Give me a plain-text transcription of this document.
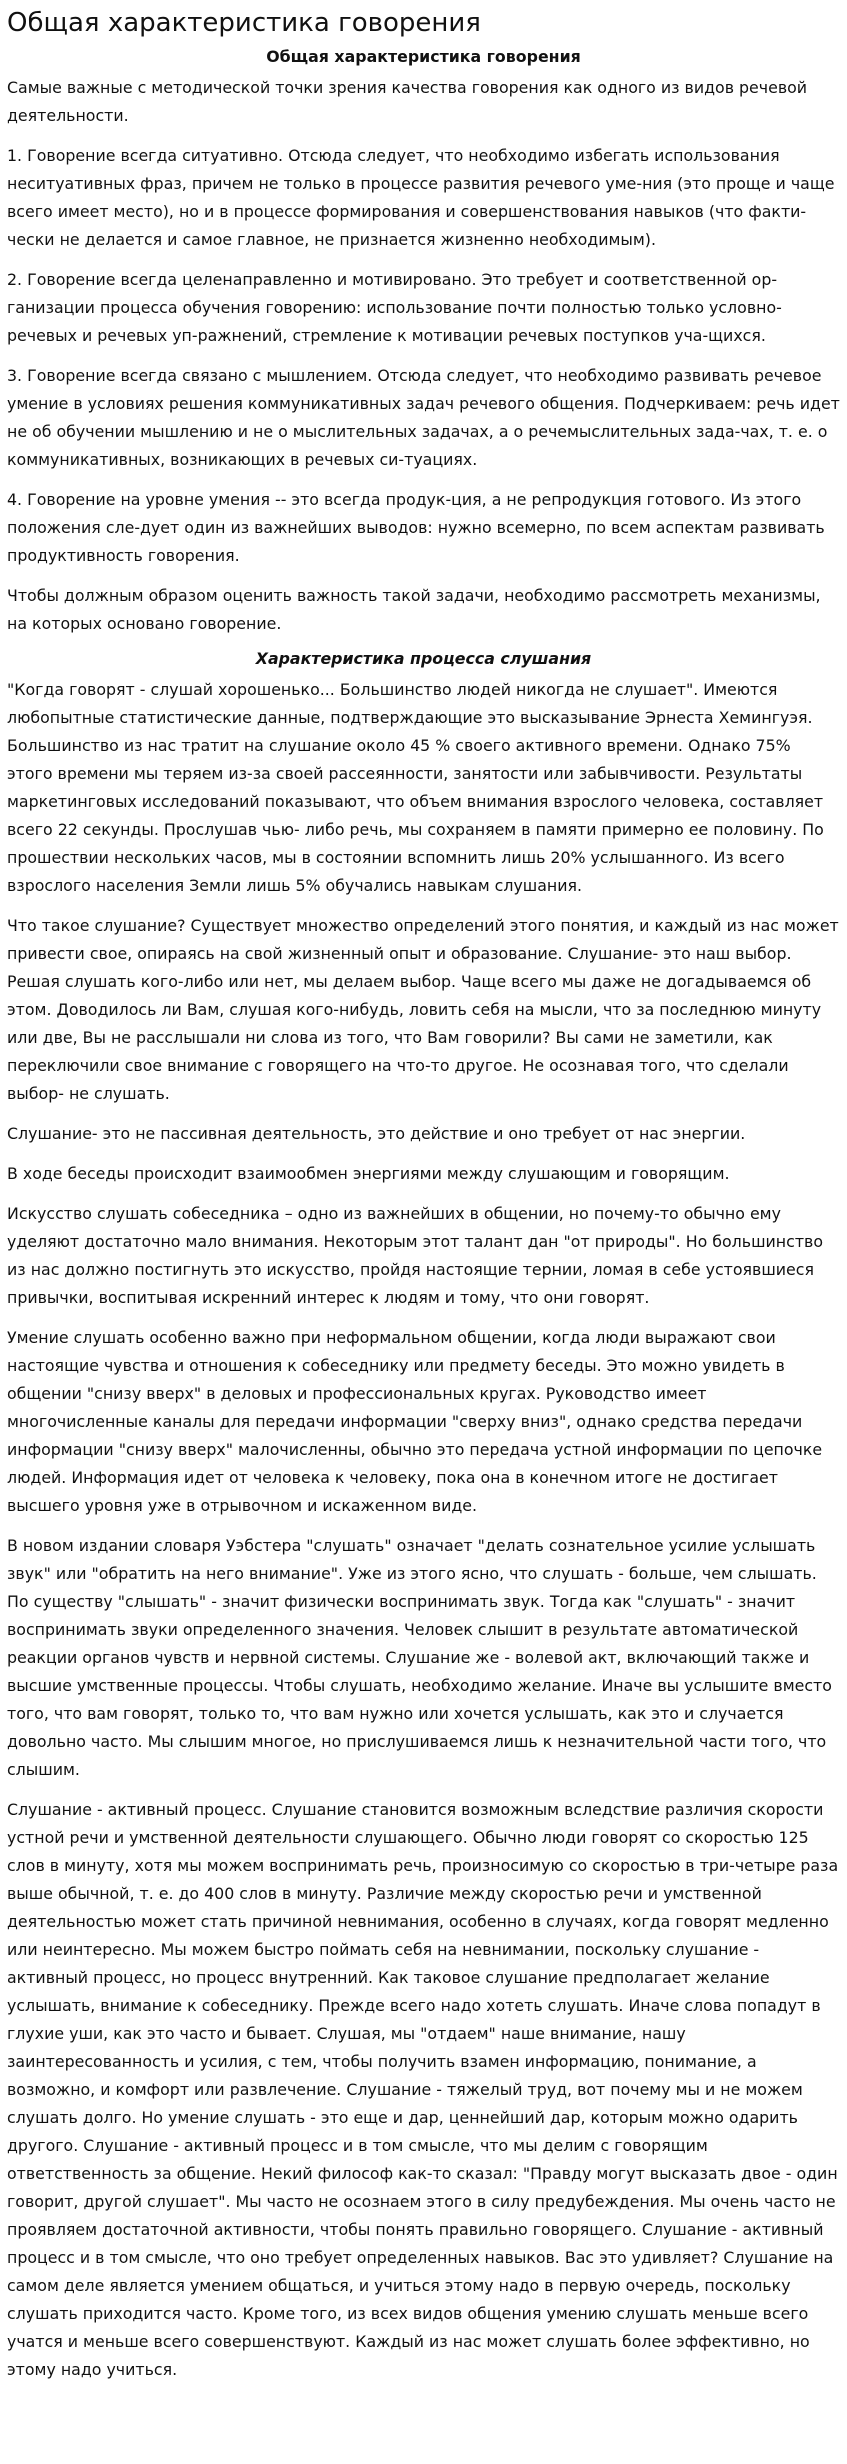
Общая характеристика говорения
Общая характеристика говорения

Самые важные с методической точки зрения качества говорения как одного из видов речевой деятельности.

1. Говорение всегда ситуативно. Отсюда следует, что необходимо избегать использования неситуативных фраз, причем не только в процессе развития речевого уме-ния (это проще и чаще всего имеет место), но и в процессе формирования и совершенствования навыков (что факти-чески не делается и самое главное, не признается жизненно необходимым).

2. Говорение всегда целенаправленно и мотивировано. Это требует и соответственной ор-ганизации процесса обучения говорению: использование почти полностью только условно-речевых и речевых уп-ражнений, стремление к мотивации речевых поступков уча-щихся.

3. Говорение всегда связано с мышлением. Отсюда следует, что необходимо развивать речевое умение в условиях решения коммуникативных задач речевого общения. Подчеркиваем: речь идет не об обучении мышлению и не о мыслительных задачах, а о речемыслительных зада-чах, т. е. о коммуникативных, возникающих в речевых си-туациях.

4. Говорение на уровне умения -- это всегда продук-ция, а не репродукция готового. Из этого положения сле-дует один из важнейших выводов: нужно всемерно, по всем аспектам развивать продуктивность говорения.

Чтобы должным образом оценить важность такой задачи, необходимо рассмотреть механизмы, на которых основано говорение.

Характеристика процесса слушания

"Когда говорят - слушай хорошенько... Большинство людей никогда не слушает". Имеются любопытные статистические данные, подтверждающие это высказывание Эрнеста Хемингуэя. Большинство из нас тратит на слушание около 45 % своего активного времени. Однако 75% этого времени мы теряем из-за своей рассеянности, занятости или забывчивости. Результаты маркетинговых исследований показывают, что объем внимания взрослого человека, составляет всего 22 секунды. Прослушав чью- либо речь, мы сохраняем в памяти примерно ее половину. По прошествии нескольких часов, мы в состоянии вспомнить лишь 20% услышанного. Из всего взрослого населения Земли лишь 5% обучались навыкам слушания.

Что такое слушание? Существует множество определений этого понятия, и каждый из нас может привести свое, опираясь на свой жизненный опыт и образование. Слушание- это наш выбор. Решая слушать кого-либо или нет, мы делаем выбор. Чаще всего мы даже не догадываемся об этом. Доводилось ли Вам, слушая кого-нибудь, ловить себя на мысли, что за последнюю минуту или две, Вы не расслышали ни слова из того, что Вам говорили? Вы сами не заметили, как переключили свое внимание с говорящего на что-то другое. Не осознавая того, что сделали выбор- не слушать.

Слушание- это не пассивная деятельность, это действие и оно требует от нас энергии.

В ходе беседы происходит взаимообмен энергиями между слушающим и говорящим.

Искусство слушать собеседника – одно из важнейших в общении, но почему-то обычно ему уделяют достаточно мало внимания. Некоторым этот талант дан "от природы". Но большинство из нас должно постигнуть это искусство, пройдя настоящие тернии, ломая в себе устоявшиеся привычки, воспитывая искренний интерес к людям и тому, что они говорят.

Умение слушать особенно важно при неформальном общении, когда люди выражают свои настоящие чувства и отношения к собеседнику или предмету беседы. Это можно увидеть в общении "снизу вверх" в деловых и профессиональных кругах. Руководство имеет многочисленные каналы для передачи информации "сверху вниз", однако средства передачи информации "снизу вверх" малочисленны, обычно это передача устной информации по цепочке людей. Информация идет от человека к человеку, пока она в конечном итоге не достигает высшего уровня уже в отрывочном и искаженном виде.

В новом издании словаря Уэбстера "слушать" означает "делать сознательное усилие услышать звук" или "обратить на него внимание". Уже из этого ясно, что слушать - больше, чем слышать. По существу "слышать" - значит физически воспринимать звук. Тогда как "слушать" - значит воспринимать звуки определенного значения. Человек слышит в результате автоматической реакции органов чувств и нервной системы. Слушание же - волевой акт, включающий также и высшие умственные процессы. Чтобы слушать, необходимо желание. Иначе вы услышите вместо того, что вам говорят, только то, что вам нужно или хочется услышать, как это и случается довольно часто. Мы слышим многое, но прислушиваемся лишь к незначительной части того, что слышим.

Слушание - активный процесс. Слушание становится возможным вследствие различия скорости устной речи и умственной деятельности слушающего. Обычно люди говорят со скоростью 125 слов в минуту, хотя мы можем воспринимать речь, произносимую со скоростью в три-четыре раза выше обычной, т. е. до 400 слов в минуту. Различие между скоростью речи и умственной деятельностью может стать причиной невнимания, особенно в случаях, когда говорят медленно или неинтересно. Мы можем быстро поймать себя на невнимании, поскольку слушание - активный процесс, но процесс внутренний. Как таковое слушание предполагает желание услышать, внимание к собеседнику. Прежде всего надо хотеть слушать. Иначе слова попадут в глухие уши, как это часто и бывает. Слушая, мы "отдаем" наше внимание, нашу заинтересованность и усилия, с тем, чтобы получить взамен информацию, понимание, а возможно, и комфорт или развлечение. Слушание - тяжелый труд, вот почему мы и не можем слушать долго. Но умение слушать - это еще и дар, ценнейший дар, которым можно одарить другого. Слушание - активный процесс и в том смысле, что мы делим с говорящим ответственность за общение. Некий философ как-то сказал: "Правду могут высказать двое - один говорит, другой слушает". Мы часто не осознаем этого в силу предубеждения. Мы очень часто не проявляем достаточной активности, чтобы понять правильно говорящего. Слушание - активный процесс и в том смысле, что оно требует определенных навыков. Вас это удивляет? Слушание на самом деле является умением общаться, и учиться этому надо в первую очередь, поскольку слушать приходится часто. Кроме того, из всех видов общения умению слушать меньше всего учатся и меньше всего совершенствуют. Каждый из нас может слушать более эффективно, но этому надо учиться.
